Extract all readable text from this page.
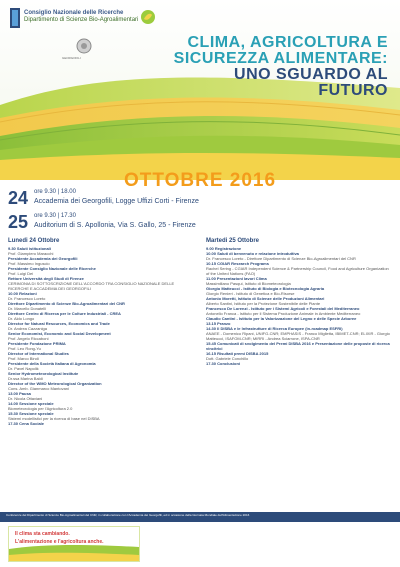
Consiglio Nazionale delle Ricerche
Dipartimento di Scienze Bio-Agroalimentari
GEORGOFILI
CLIMA, AGRICOLTURA E
SICUREZZA ALIMENTARE:
UNO SGUARDO AL FUTURO
OTTOBRE 2016
24 ore 9.30 | 18.00
Accademia dei Georgofili, Logge Uffizi Corti - Firenze
25 ore 9.30 | 17.30
Auditorium di S. Apollonia, Via S. Gallo, 25 - Firenze
Lunedi 24 Ottobre
9.30 Saluti istituzionali
Prof. Giampiero Maracchi
Presidente Accademia dei Georgofili
Prof. Massimo Inguscio
Presidente Consiglio Nazionale delle Ricerche
Prof. Luigi Dei
Rettore Università degli Studi di Firenze
CERIMONIA DI SOTTOSCRIZIONE DELL'ACCORDO TRA CONSIGLIO NAZIONALE DELLE RICERCHE E ACCADEMIA DEI GEORGOFILI
10.00 Relazioni
Dr. Francesco Loreto
Direttore Dipartimento di Scienze Bio-Agroalimentari del CNR
Dr. Marcello Donatelli
Direttore Centro di Ricerca per le Colture Industriali - CREA
Dr. Aldo Longo
Director for Natural Resources, Economics and Trade
Dr. Andrea Cazzaniga
Senior Economist, Economic and Social Development
Prof. Angelo Riccaboni
Presidente Fondazione PRIMA
Prof. Leo Rong-Yu
Director of International Studies
Prof. Marco Bindi
Presidente della Società Italiana di Agronomia
Dr. Pavel Napolik
Senior Hydrometeorological Institute
Dr.ssa Marina Baldi
Director of the WMO Meteorological Organization
Cons. Amb. Gianmarco Mantovani
13.00 Pausa
Dr. Nicola Ottaviani
14.00 Sessione speciale
Biometeorologia per l'Agricoltura 2.0
15.30 Sessione speciale
Sistemi modellistici per la ricerca di base nel DISBA
17.30 Cena Sociale
Martedi 25 Ottobre
9.00 Registrazione
10.00 Saluti di benvenuto e relazione introduttiva
Dr. Francesco Loreto - Direttore Dipartimento di Scienze Bio-Agroalimentari del CNR
10.15 CGIAR Research Programs
Rachel Sering - CGIAR Independent Science & Partnership Council, Food and Agriculture Organization of the United Nations (FAO)
11.00 Presentazioni lavori Clima
Massimiliano Pasqui, Istituto di Biometeorologia
Giorgio Matteucci - Istituto di Biologia e Biotecnologia Agraria
Giorgio Renieri - Istituto di Genetica e Bio-Risorse
Antonio Moretti, Istituto di Scienze delle Produzioni Alimentari
Alberto Santini, Istituto per la Protezione Sostenibile delle Piante
Francesco De Lorenzi - Istituto per i Sistemi Agricoli e Forestali del Mediterraneo
Antonello Franca - Istituto per il Sistema Produzione Animale in Ambiente Mediterraneo
Claudio Cantini - Istituto per la Valorizzazione del Legno e delle Specie Arboree
13.15 Pranzo
14.30 Il DISBA e le Infrastrutture di Ricerca Europee (in-roadmap ESFRI)
ANAEE - Domenico Ripani, UNIFG-CNR; EMPHASIS - Franco Miglietta, IBIMET-CNR; ELIXIR - Giorgio Matteucci, ISAFOM-CNR; MIRRI - Andrea Sciarrone, ISPA-CNR
15.45 Comunicati di svolgimento del Premi DISBA 2016 e Presentazione delle proposte di ricerca vincitrici
16.15 Risultati premi DISBA 2015
Dott. Gabriele Conchillo
17.30 Conclusioni
Conferenze del Dipartimento di Scienze Bio-Agroalimentari del CNR, in collaborazione con l'Accademia dei Georgofili, ed in occasione della Giornata Mondiale dell'Alimentazione 2016
Il clima sta cambiando.
L'alimentazione e l'agricoltura anche.
